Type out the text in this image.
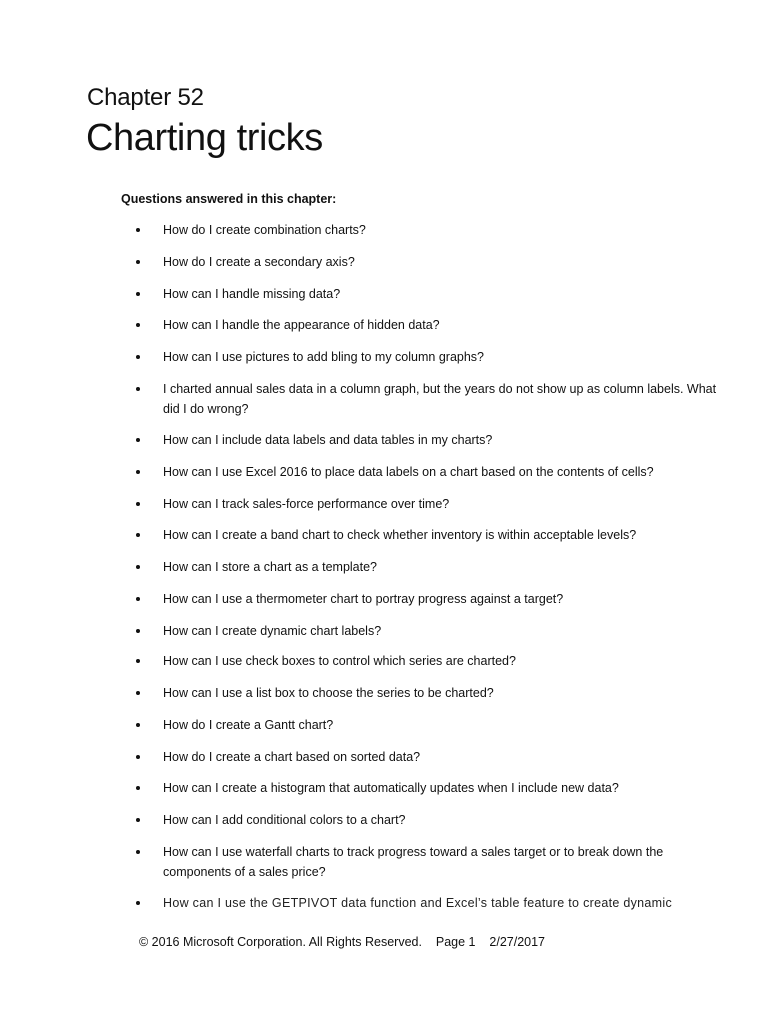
Chapter 52
Charting tricks
Questions answered in this chapter:
How do I create combination charts?
How do I create a secondary axis?
How can I handle missing data?
How can I handle the appearance of hidden data?
How can I use pictures to add bling to my column graphs?
I charted annual sales data in a column graph, but the years do not show up as column labels. What did I do wrong?
How can I include data labels and data tables in my charts?
How can I use Excel 2016 to place data labels on a chart based on the contents of cells?
How can I track sales-force performance over time?
How can I create a band chart to check whether inventory is within acceptable levels?
How can I store a chart as a template?
How can I use a thermometer chart to portray progress against a target?
How can I create dynamic chart labels?
How can I use check boxes to control which series are charted?
How can I use a list box to choose the series to be charted?
How do I create a Gantt chart?
How do I create a chart based on sorted data?
How can I create a histogram that automatically updates when I include new data?
How can I add conditional colors to a chart?
How can I use waterfall charts to track progress toward a sales target or to break down the components of a sales price?
How can I use the GETPIVOT data function and Excel’s table feature to create dynamic
© 2016 Microsoft Corporation. All Rights Reserved. Page 1 2/27/2017
